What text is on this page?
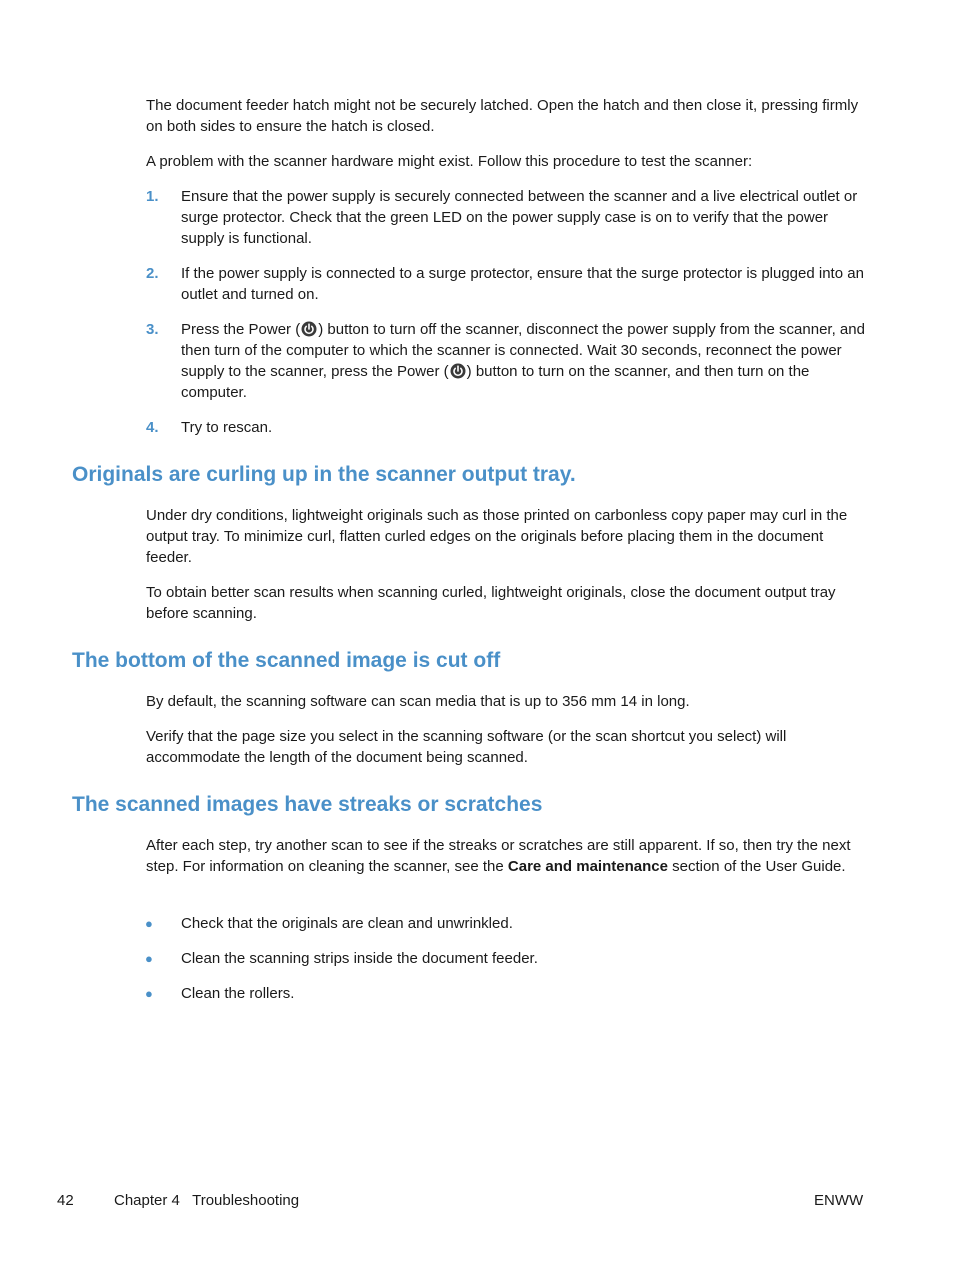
The document feeder hatch might not be securely latched. Open the hatch and then close it, pressing firmly on both sides to ensure the hatch is closed.

A problem with the scanner hardware might exist. Follow this procedure to test the scanner:

1. Ensure that the power supply is securely connected between the scanner and a live electrical outlet or surge protector. Check that the green LED on the power supply case is on to verify that the power supply is functional.

2. If the power supply is connected to a surge protector, ensure that the surge protector is plugged into an outlet and turned on.

3. Press the Power ( ) button to turn off the scanner, disconnect the power supply from the scanner, and then turn of the computer to which the scanner is connected. Wait 30 seconds, reconnect the power supply to the scanner, press the Power ( ) button to turn on the scanner, and then turn on the computer.

4. Try to rescan.

Originals are curling up in the scanner output tray.

Under dry conditions, lightweight originals such as those printed on carbonless copy paper may curl in the output tray. To minimize curl, flatten curled edges on the originals before placing them in the document feeder.

To obtain better scan results when scanning curled, lightweight originals, close the document output tray before scanning.

The bottom of the scanned image is cut off

By default, the scanning software can scan media that is up to 356 mm 14 in long.

Verify that the page size you select in the scanning software (or the scan shortcut you select) will accommodate the length of the document being scanned.

The scanned images have streaks or scratches

After each step, try another scan to see if the streaks or scratches are still apparent. If so, then try the next step. For information on cleaning the scanner, see the Care and maintenance section of the User Guide.

● Check that the originals are clean and unwrinkled.

● Clean the scanning strips inside the document feeder.

● Clean the rollers.

42	Chapter 4   Troubleshooting	ENWW
